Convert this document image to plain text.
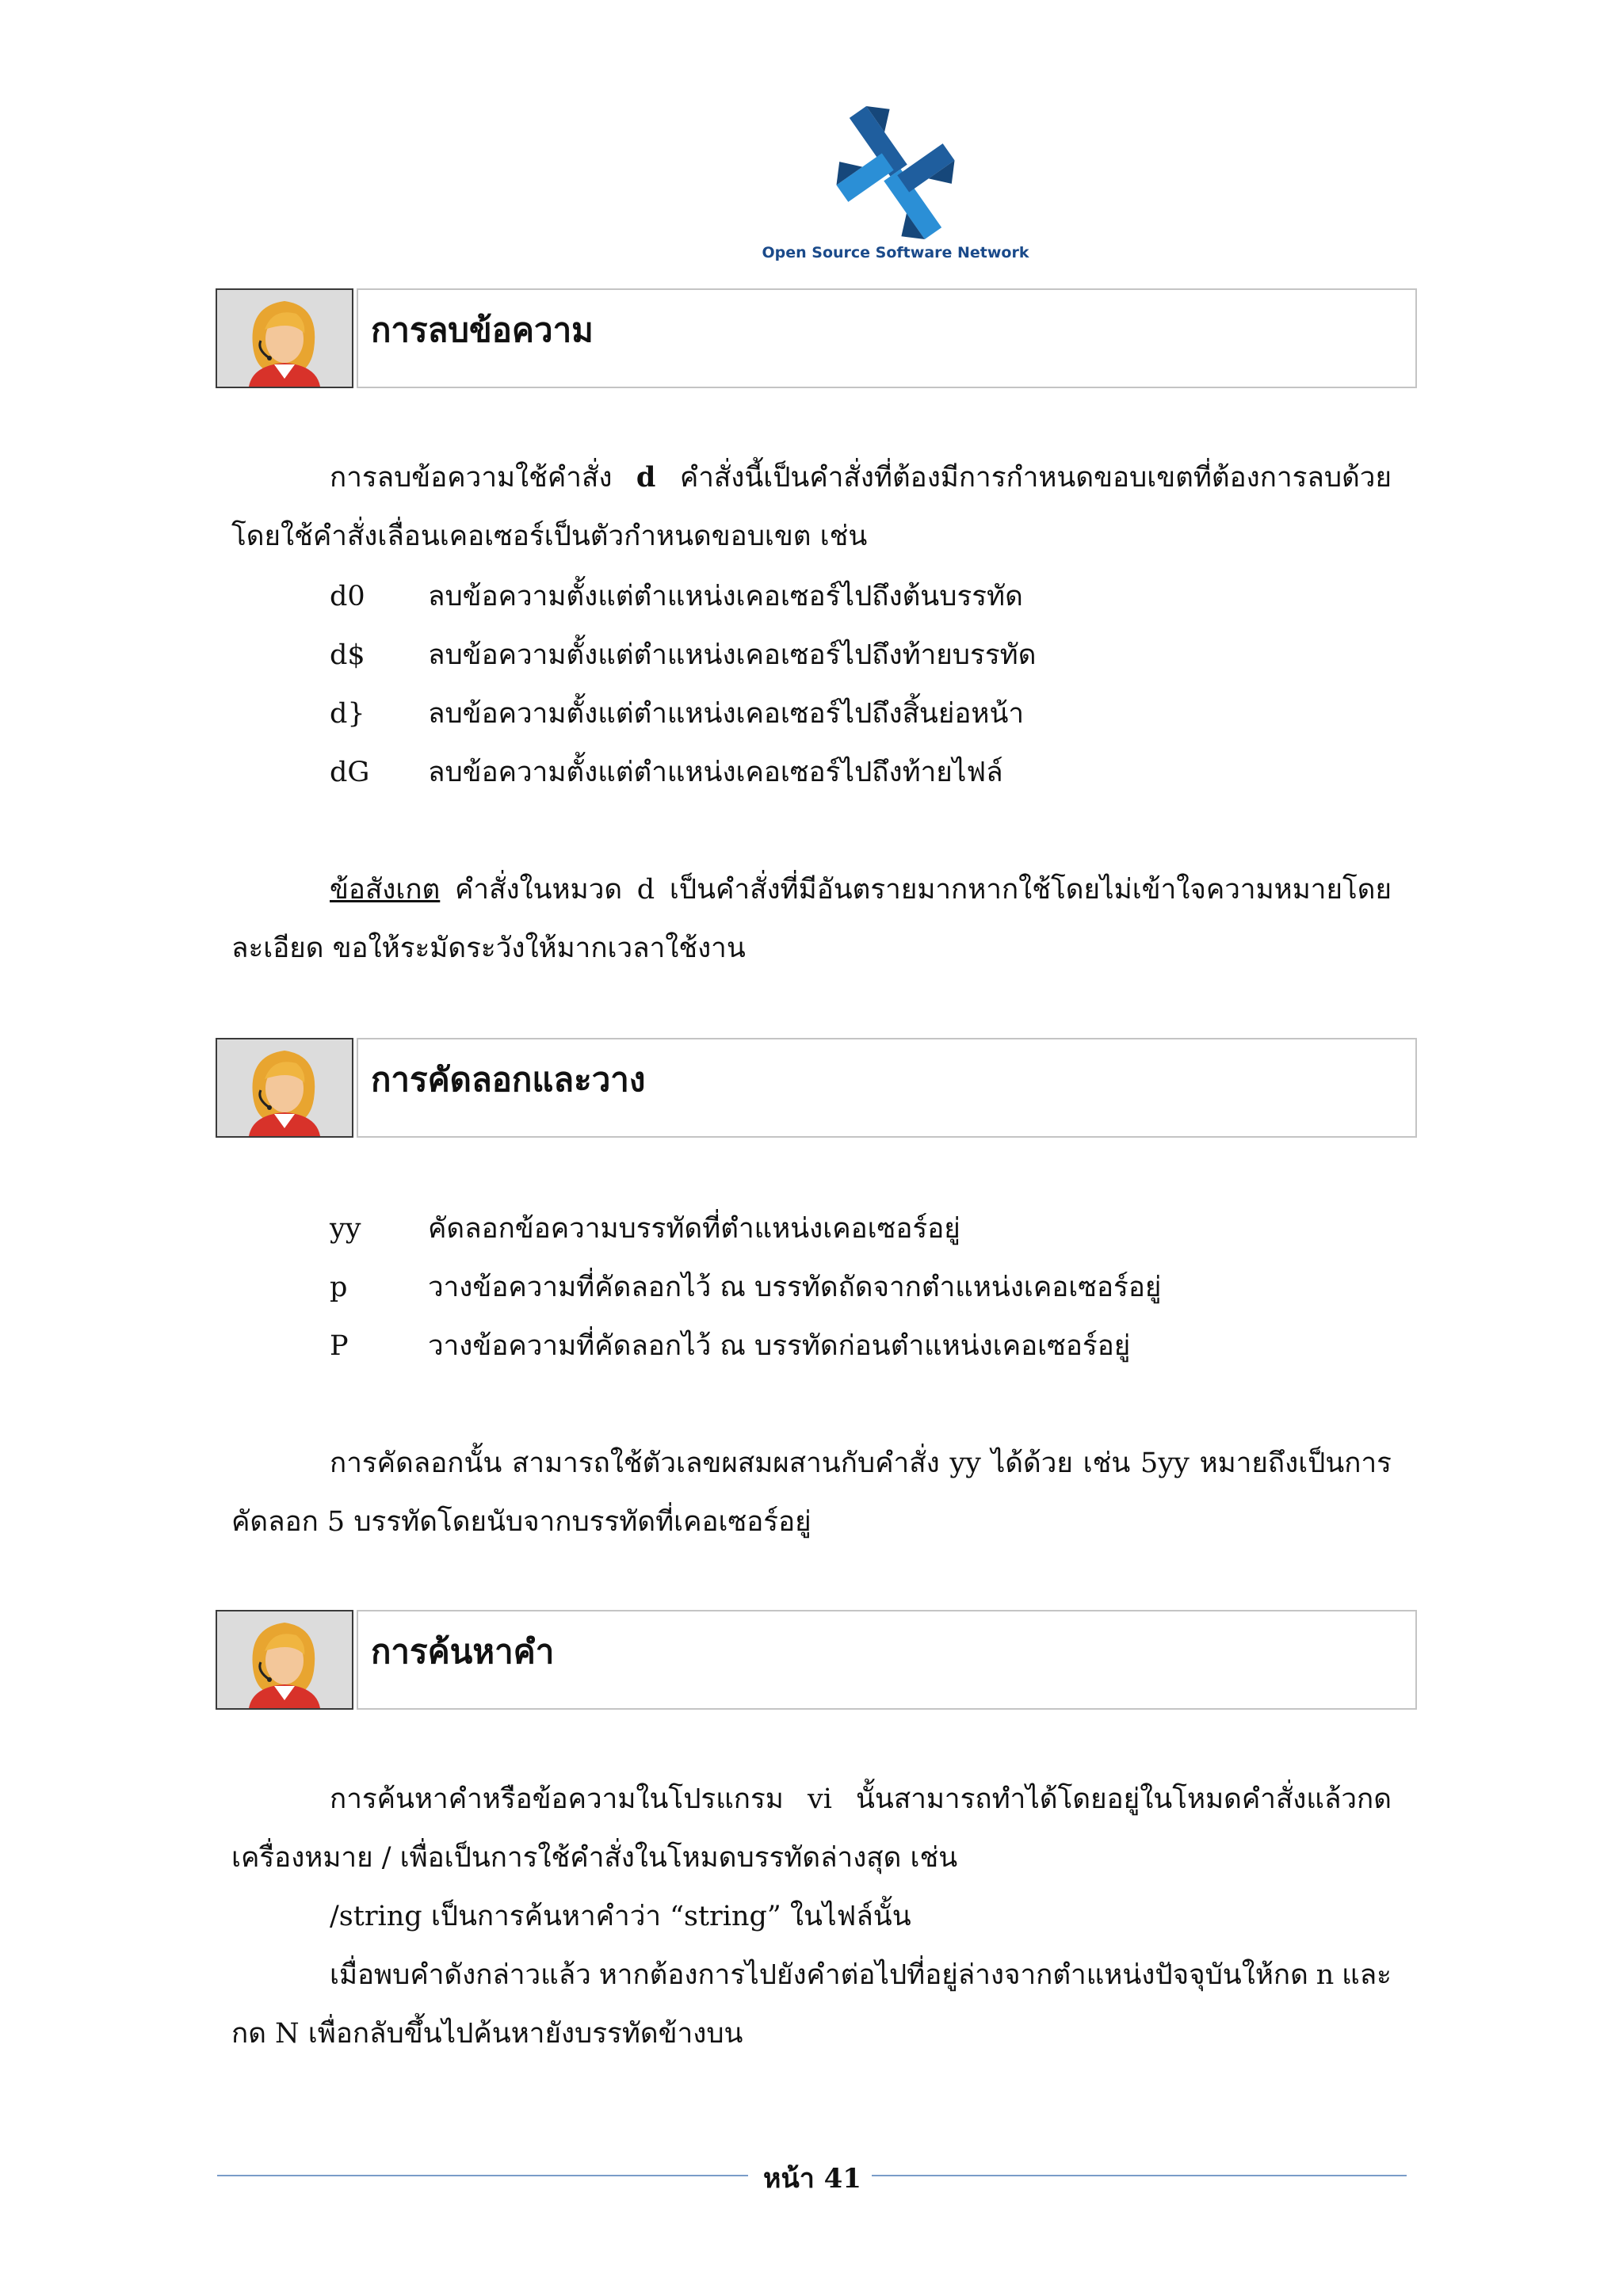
Open Source Software Network
การลบข้อความ
การลบข้อความใช้คำสั่ง d คำสั่งนี้เป็นคำสั่งที่ต้องมีการกำหนดขอบเขตที่ต้องการลบด้วย
โดยใช้คำสั่งเลื่อนเคอเซอร์เป็นตัวกำหนดขอบเขต เช่น
d0 ลบข้อความตั้งแต่ตำแหน่งเคอเซอร์ไปถึงต้นบรรทัด
d$ ลบข้อความตั้งแต่ตำแหน่งเคอเซอร์ไปถึงท้ายบรรทัด
d} ลบข้อความตั้งแต่ตำแหน่งเคอเซอร์ไปถึงสิ้นย่อหน้า
dG ลบข้อความตั้งแต่ตำแหน่งเคอเซอร์ไปถึงท้ายไฟล์
ข้อสังเกต คำสั่งในหมวด d เป็นคำสั่งที่มีอันตรายมากหากใช้โดยไม่เข้าใจความหมายโดย
ละเอียด ขอให้ระมัดระวังให้มากเวลาใช้งาน
การคัดลอกและวาง
yy คัดลอกข้อความบรรทัดที่ตำแหน่งเคอเซอร์อยู่
p	วางข้อความที่คัดลอกไว้ ณ บรรทัดถัดจากตำแหน่งเคอเซอร์อยู่
P	วางข้อความที่คัดลอกไว้ ณ บรรทัดก่อนตำแหน่งเคอเซอร์อยู่
การคัดลอกนั้น สามารถใช้ตัวเลขผสมผสานกับคำสั่ง yy ได้ด้วย เช่น 5yy หมายถึงเป็นการ
คัดลอก 5 บรรทัดโดยนับจากบรรทัดที่เคอเซอร์อยู่
การค้นหาคำ
การค้นหาคำหรือข้อความในโปรแกรม vi นั้นสามารถทำได้โดยอยู่ในโหมดคำสั่งแล้วกด
เครื่องหมาย / เพื่อเป็นการใช้คำสั่งในโหมดบรรทัดล่างสุด เช่น
/string เป็นการค้นหาคำว่า “string” ในไฟล์นั้น
เมื่อพบคำดังกล่าวแล้ว หากต้องการไปยังคำต่อไปที่อยู่ล่างจากตำแหน่งปัจจุบันให้กด n และ
กด N เพื่อกลับขึ้นไปค้นหายังบรรทัดข้างบน
หน้า 41
